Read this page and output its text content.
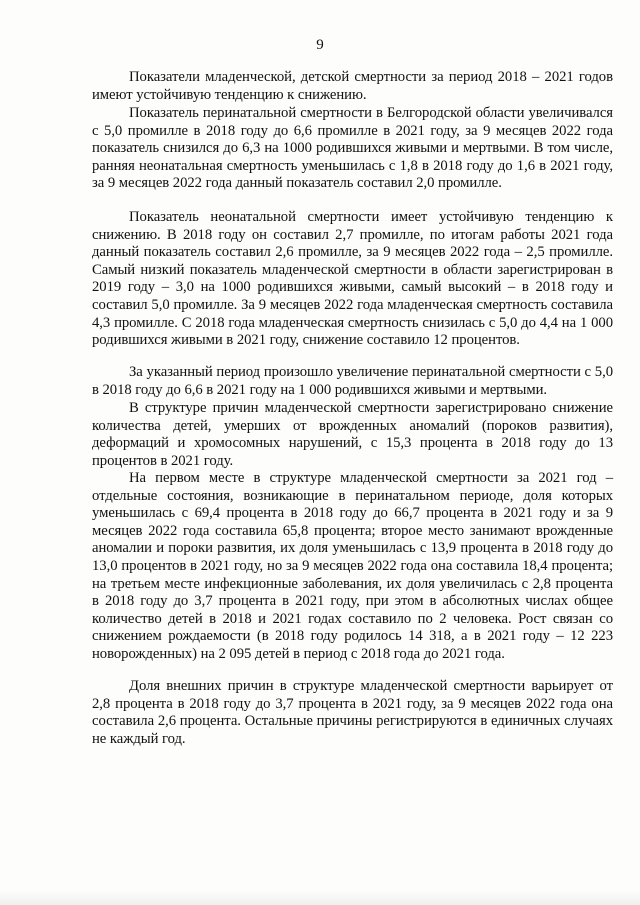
9

Показатели младенческой, детской смертности за период 2018 – 2021 годов имеют устойчивую тенденцию к снижению.

Показатель перинатальной смертности в Белгородской области увеличивался с 5,0 промилле в 2018 году до 6,6 промилле в 2021 году, за 9 месяцев 2022 года показатель снизился до 6,3 на 1000 родившихся живыми и мертвыми. В том числе, ранняя неонатальная смертность уменьшилась с 1,8 в 2018 году до 1,6 в 2021 году, за 9 месяцев 2022 года данный показатель составил 2,0 промилле.

Показатель неонатальной смертности имеет устойчивую тенденцию к снижению. В 2018 году он составил 2,7 промилле, по итогам работы 2021 года данный показатель составил 2,6 промилле, за 9 месяцев 2022 года – 2,5 промилле. Самый низкий показатель младенческой смертности в области зарегистрирован в 2019 году – 3,0 на 1000 родившихся живыми, самый высокий – в 2018 году и составил 5,0 промилле. За 9 месяцев 2022 года младенческая смертность составила 4,3 промилле. С 2018 года младенческая смертность снизилась с 5,0 до 4,4 на 1 000 родившихся живыми в 2021 году, снижение составило 12 процентов.

За указанный период произошло увеличение перинатальной смертности с 5,0 в 2018 году до 6,6 в 2021 году на 1 000 родившихся живыми и мертвыми.

В структуре причин младенческой смертности зарегистрировано снижение количества детей, умерших от врожденных аномалий (пороков развития), деформаций и хромосомных нарушений, с 15,3 процента в 2018 году до 13 процентов в 2021 году.

На первом месте в структуре младенческой смертности за 2021 год – отдельные состояния, возникающие в перинатальном периоде, доля которых уменьшилась с 69,4 процента в 2018 году до 66,7 процента в 2021 году и за 9 месяцев 2022 года составила 65,8 процента; второе место занимают врожденные аномалии и пороки развития, их доля уменьшилась с 13,9 процента в 2018 году до 13,0 процентов в 2021 году, но за 9 месяцев 2022 года она составила 18,4 процента; на третьем месте инфекционные заболевания, их доля увеличилась с 2,8 процента в 2018 году до 3,7 процента в 2021 году, при этом в абсолютных числах общее количество детей в 2018 и 2021 годах составило по 2 человека. Рост связан со снижением рождаемости (в 2018 году родилось 14 318, а в 2021 году – 12 223 новорожденных) на 2 095 детей в период с 2018 года до 2021 года.

Доля внешних причин в структуре младенческой смертности варьирует от 2,8 процента в 2018 году до 3,7 процента в 2021 году, за 9 месяцев 2022 года она составила 2,6 процента. Остальные причины регистрируются в единичных случаях не каждый год.
